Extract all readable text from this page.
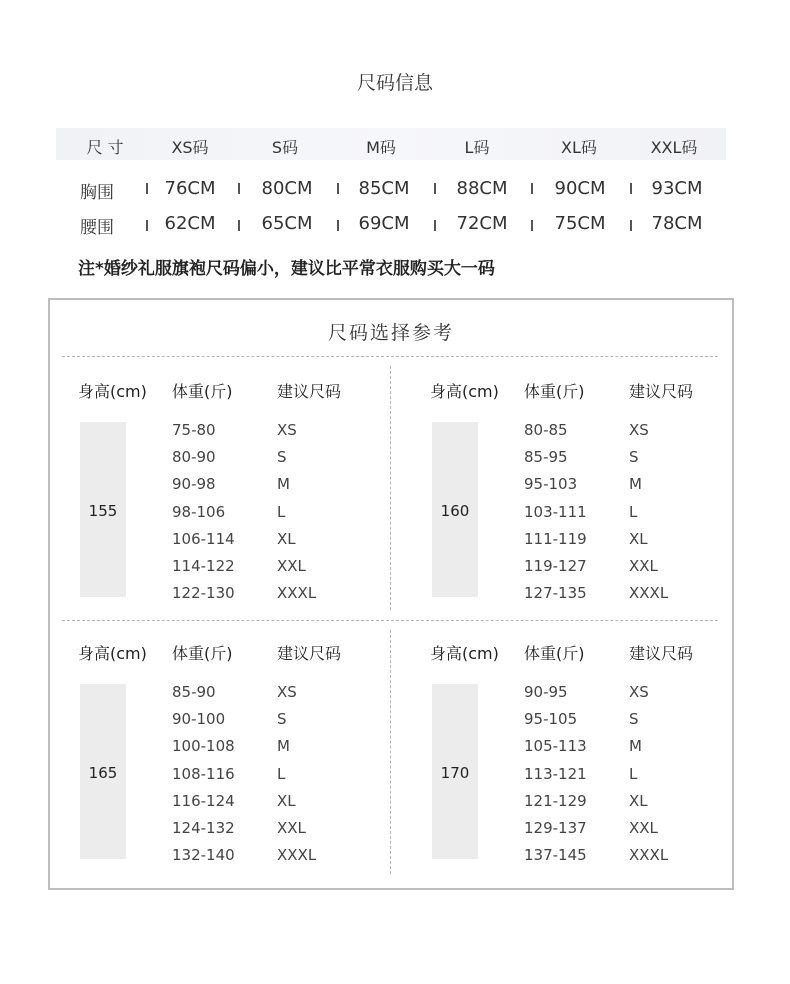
尺码信息
尺 寸	XS码	S码	M码	L码	XL码	XXL码
胸围	76CM	80CM	85CM	88CM	90CM	93CM
腰围	62CM	65CM	69CM	72CM	75CM	78CM
注*婚纱礼服旗袍尺码偏小，建议比平常衣服购买大一码
尺码选择参考
身高(cm) 体重(斤)	建议尺码
155
75-80	XS
80-90	S
90-98	M
98-106	L
106-114	XL
114-122	XXL
122-130	XXXL
身高(cm) 体重(斤)	建议尺码
160
80-85	XS
85-95	S
95-103	M
103-111	L
111-119	XL
119-127	XXL
127-135	XXXL
身高(cm) 体重(斤)	建议尺码
165
85-90	XS
90-100	S
100-108	M
108-116	L
116-124	XL
124-132	XXL
132-140	XXXL
身高(cm) 体重(斤)	建议尺码
170
90-95	XS
95-105	S
105-113	M
113-121	L
121-129	XL
129-137	XXL
137-145	XXXL
